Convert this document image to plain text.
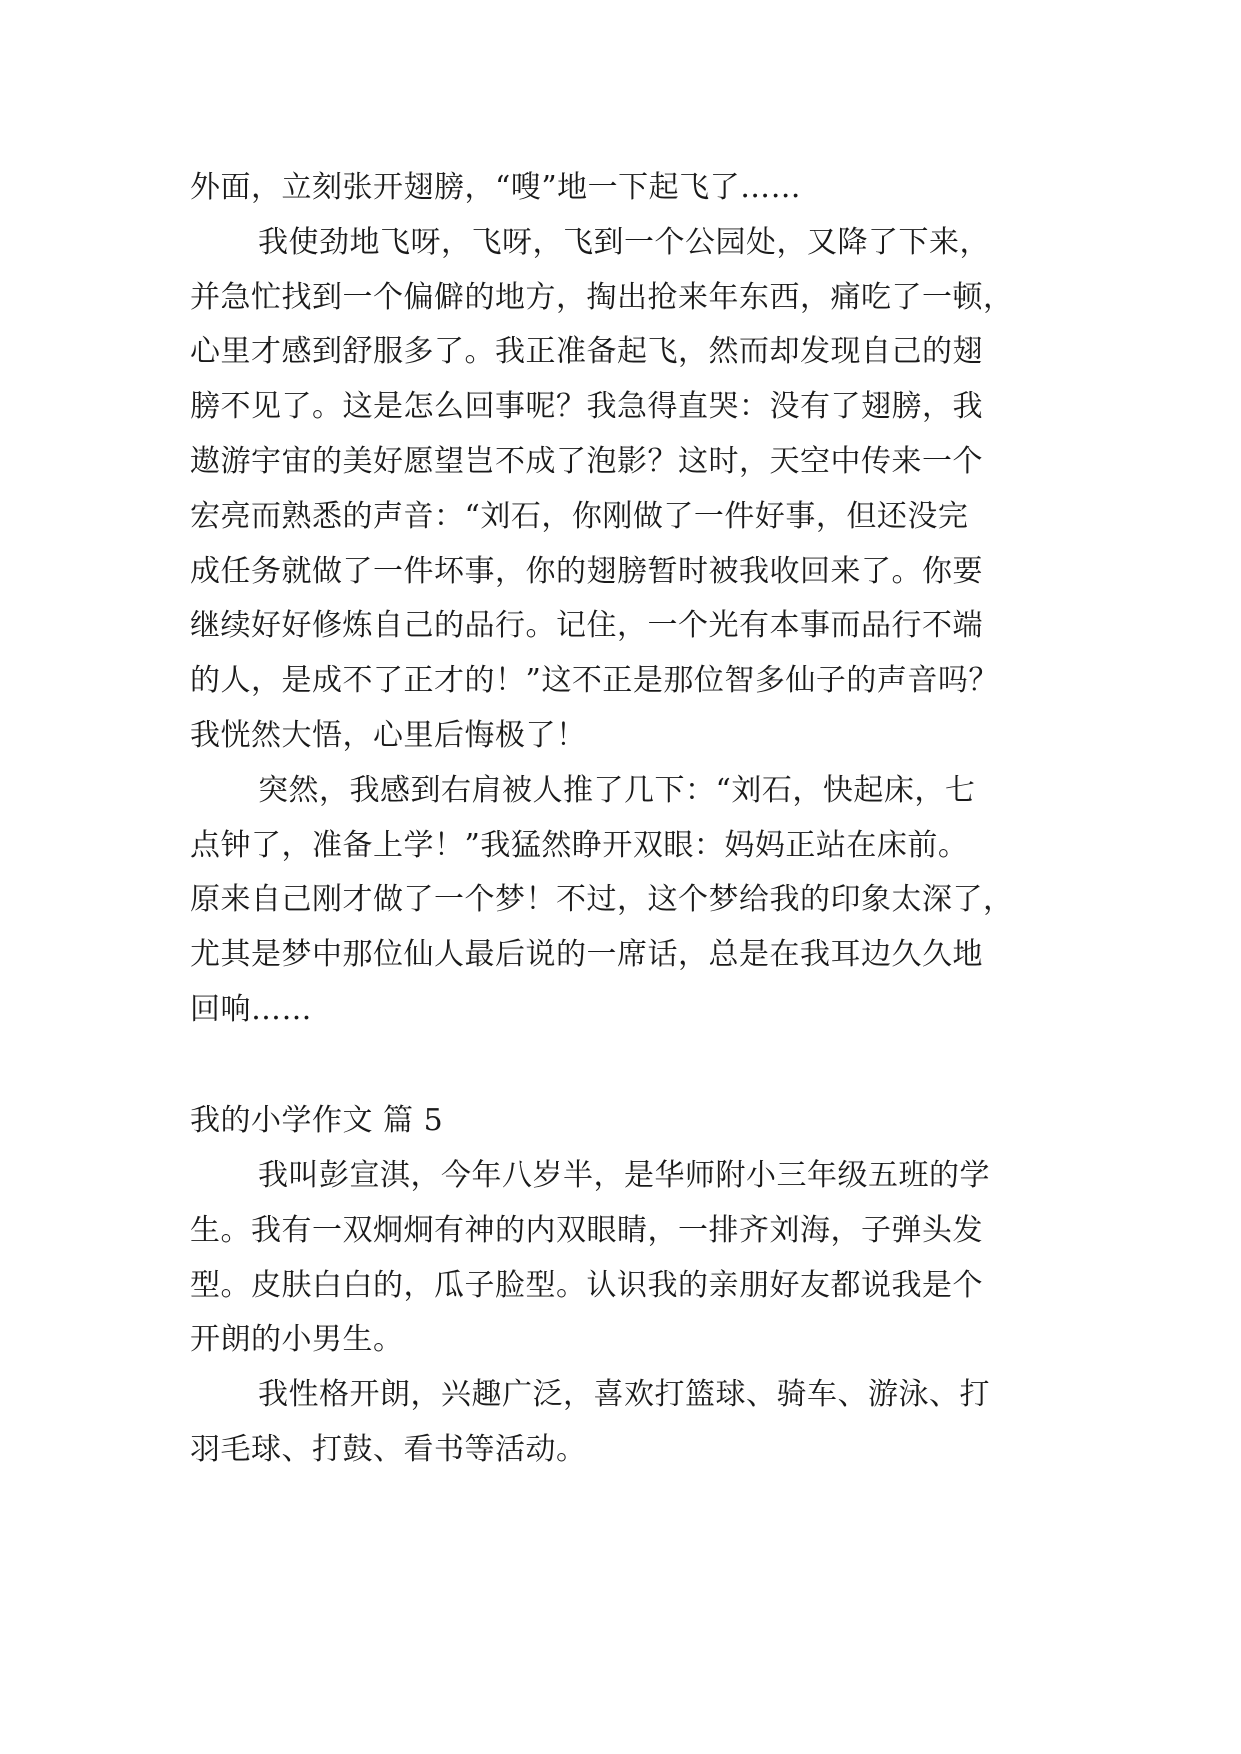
外面，立刻张开翅膀，“嗖”地一下起飞了……
我使劲地飞呀，飞呀，飞到一个公园处，又降了下来，
并急忙找到一个偏僻的地方，掏出抢来年东西，痛吃了一顿，
心里才感到舒服多了。我正准备起飞，然而却发现自己的翅
膀不见了。这是怎么回事呢？我急得直哭：没有了翅膀，我
遨游宇宙的美好愿望岂不成了泡影？这时，天空中传来一个
宏亮而熟悉的声音：“刘石，你刚做了一件好事，但还没完
成任务就做了一件坏事，你的翅膀暂时被我收回来了。你要
继续好好修炼自己的品行。记住，一个光有本事而品行不端
的人，是成不了正才的！”这不正是那位智多仙子的声音吗？
我恍然大悟，心里后悔极了！
突然，我感到右肩被人推了几下：“刘石，快起床，七
点钟了，准备上学！”我猛然睁开双眼：妈妈正站在床前。
原来自己刚才做了一个梦！不过，这个梦给我的印象太深了，
尤其是梦中那位仙人最后说的一席话，总是在我耳边久久地
回响……
我的小学作文 篇 5
我叫彭宣淇，今年八岁半，是华师附小三年级五班的学
生。我有一双炯炯有神的内双眼睛，一排齐刘海，子弹头发
型。皮肤白白的，瓜子脸型。认识我的亲朋好友都说我是个
开朗的小男生。
我性格开朗，兴趣广泛，喜欢打篮球、骑车、游泳、打
羽毛球、打鼓、看书等活动。
